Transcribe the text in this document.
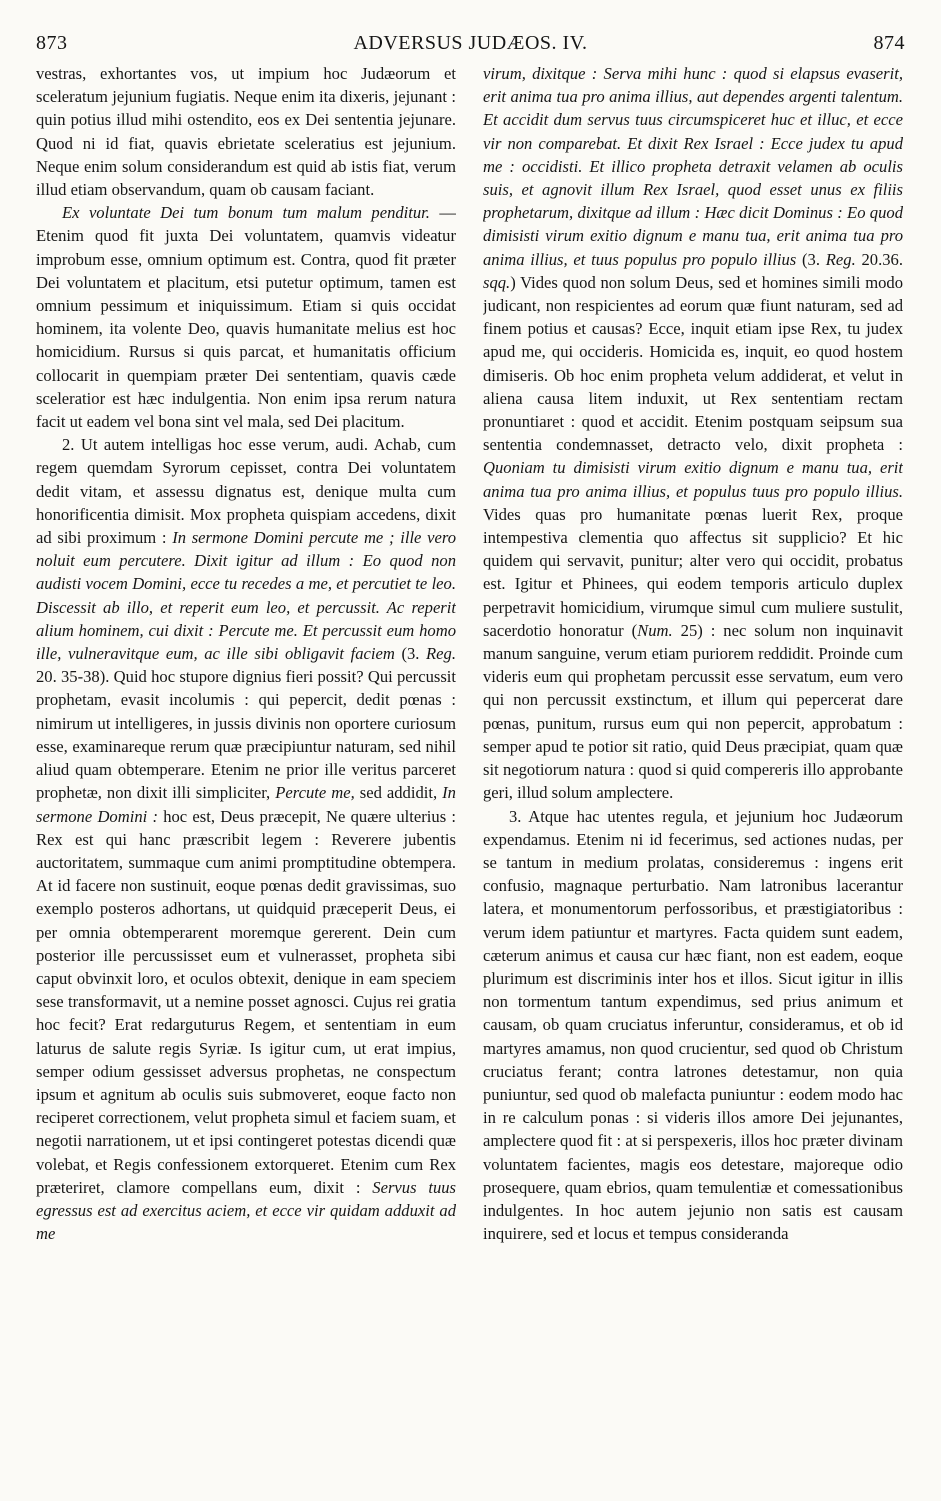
873	ADVERSUS JUDÆOS. IV.	874

vestras, exhortantes vos, ut impium hoc Judæorum et sceleratum jejunium fugiatis. Neque enim ita dixeris, jejunant : quin potius illud mihi ostendito, eos ex Dei sententia jejunare. Quod ni id fiat, quavis ebrietate sceleratius est jejunium. Neque enim solum considerandum est quid ab istis fiat, verum illud etiam observandum, quam ob causam faciant.

Ex voluntate Dei tum bonum tum malum penditur. — Etenim quod fit juxta Dei voluntatem, quamvis videatur improbum esse, omnium optimum est. Contra, quod fit præter Dei voluntatem et placitum, etsi putetur optimum, tamen est omnium pessimum et iniquissimum. Etiam si quis occidat hominem, ita volente Deo, quavis humanitate melius est hoc homicidium. Rursus si quis parcat, et humanitatis officium collocarit in quempiam præter Dei sententiam, quavis cæde sceleratior est hæc indulgentia. Non enim ipsa rerum natura facit ut eadem vel bona sint vel mala, sed Dei placitum.

2. Ut autem intelligas hoc esse verum, audi. Achab, cum regem quemdam Syrorum cepisset, contra Dei voluntatem dedit vitam, et assessu dignatus est, denique multa cum honorificentia dimisit. Mox propheta quispiam accedens, dixit ad sibi proximum : In sermone Domini percute me ; ille vero noluit eum percutere. Dixit igitur ad illum : Eo quod non audisti vocem Domini, ecce tu recedes a me, et percutiet te leo. Discessit ab illo, et reperit eum leo, et percussit. Ac reperit alium hominem, cui dixit : Percute me. Et percussit eum homo ille, vulneravitque eum, ac ille sibi obligavit faciem (3. Reg. 20. 35-38). Quid hoc stupore dignius fieri possit? Qui percussit prophetam, evasit incolumis : qui pepercit, dedit pœnas : nimirum ut intelligeres, in jussis divinis non oportere curiosum esse, examinareque rerum quæ præcipiuntur naturam, sed nihil aliud quam obtemperare. Etenim ne prior ille veritus parceret prophetæ, non dixit illi simpliciter, Percute me, sed addidit, In sermone Domini : hoc est, Deus præcepit, Ne quære ulterius : Rex est qui hanc præscribit legem : Reverere jubentis auctoritatem, summaque cum animi promptitudine obtempera. At id facere non sustinuit, eoque pœnas dedit gravissimas, suo exemplo posteros adhortans, ut quidquid præceperit Deus, ei per omnia obtemperarent moremque gererent. Dein cum posterior ille percussisset eum et vulnerasset, propheta sibi caput obvinxit loro, et oculos obtexit, denique in eam speciem sese transformavit, ut a nemine posset agnosci. Cujus rei gratia hoc fecit? Erat redarguturus Regem, et sententiam in eum laturus de salute regis Syriæ. Is igitur cum, ut erat impius, semper odium gessisset adversus prophetas, ne conspectum ipsum et agnitum ab oculis suis submoveret, eoque facto non reciperet correctionem, velut propheta simul et faciem suam, et negotii narrationem, ut et ipsi contingeret potestas dicendi quæ volebat, et Regis confessionem extorqueret. Etenim cum Rex præteriret, clamore compellans eum, dixit : Servus tuus egressus est ad exercitus aciem, et ecce vir quidam adduxit ad me

virum, dixitque : Serva mihi hunc : quod si elapsus evaserit, erit anima tua pro anima illius, aut dependes argenti talentum. Et accidit dum servus tuus circumspiceret huc et illuc, et ecce vir non comparebat. Et dixit Rex Israel : Ecce judex tu apud me : occidisti. Et illico propheta detraxit velamen ab oculis suis, et agnovit illum Rex Israel, quod esset unus ex filiis prophetarum, dixitque ad illum : Hæc dicit Dominus : Eo quod dimisisti virum exitio dignum e manu tua, erit anima tua pro anima illius, et tuus populus pro populo illius (3. Reg. 20.36. sqq.) Vides quod non solum Deus, sed et homines simili modo judicant, non respicientes ad eorum quæ fiunt naturam, sed ad finem potius et causas? Ecce, inquit etiam ipse Rex, tu judex apud me, qui occideris. Homicida es, inquit, eo quod hostem dimiseris. Ob hoc enim propheta velum addiderat, et velut in aliena causa litem induxit, ut Rex sententiam rectam pronuntiaret : quod et accidit. Etenim postquam seipsum sua sententia condemnasset, detracto velo, dixit propheta : Quoniam tu dimisisti virum exitio dignum e manu tua, erit anima tua pro anima illius, et populus tuus pro populo illius. Vides quas pro humanitate pœnas luerit Rex, proque intempestiva clementia quo affectus sit supplicio? Et hic quidem qui servavit, punitur; alter vero qui occidit, probatus est. Igitur et Phinees, qui eodem temporis articulo duplex perpetravit homicidium, virumque simul cum muliere sustulit, sacerdotio honoratur (Num. 25) : nec solum non inquinavit manum sanguine, verum etiam puriorem reddidit. Proinde cum videris eum qui prophetam percussit esse servatum, eum vero qui non percussit exstinctum, et illum qui pepercerat dare pœnas, punitum, rursus eum qui non pepercit, approbatum : semper apud te potior sit ratio, quid Deus præcipiat, quam quæ sit negotiorum natura : quod si quid compereris illo approbante geri, illud solum amplectere.

3. Atque hac utentes regula, et jejunium hoc Judæorum expendamus. Etenim ni id fecerimus, sed actiones nudas, per se tantum in medium prolatas, consideremus : ingens erit confusio, magnaque perturbatio. Nam latronibus lacerantur latera, et monumentorum perfossoribus, et præstigiatoribus : verum idem patiuntur et martyres. Facta quidem sunt eadem, cæterum animus et causa cur hæc fiant, non est eadem, eoque plurimum est discriminis inter hos et illos. Sicut igitur in illis non tormentum tantum expendimus, sed prius animum et causam, ob quam cruciatus inferuntur, consideramus, et ob id martyres amamus, non quod crucientur, sed quod ob Christum cruciatus ferant; contra latrones detestamur, non quia puniuntur, sed quod ob malefacta puniuntur : eodem modo hac in re calculum ponas : si videris illos amore Dei jejunantes, amplectere quod fit : at si perspexeris, illos hoc præter divinam voluntatem facientes, magis eos detestare, majoreque odio prosequere, quam ebrios, quam temulentiæ et comessationibus indulgentes. In hoc autem jejunio non satis est causam inquirere, sed et locus et tempus consideranda
